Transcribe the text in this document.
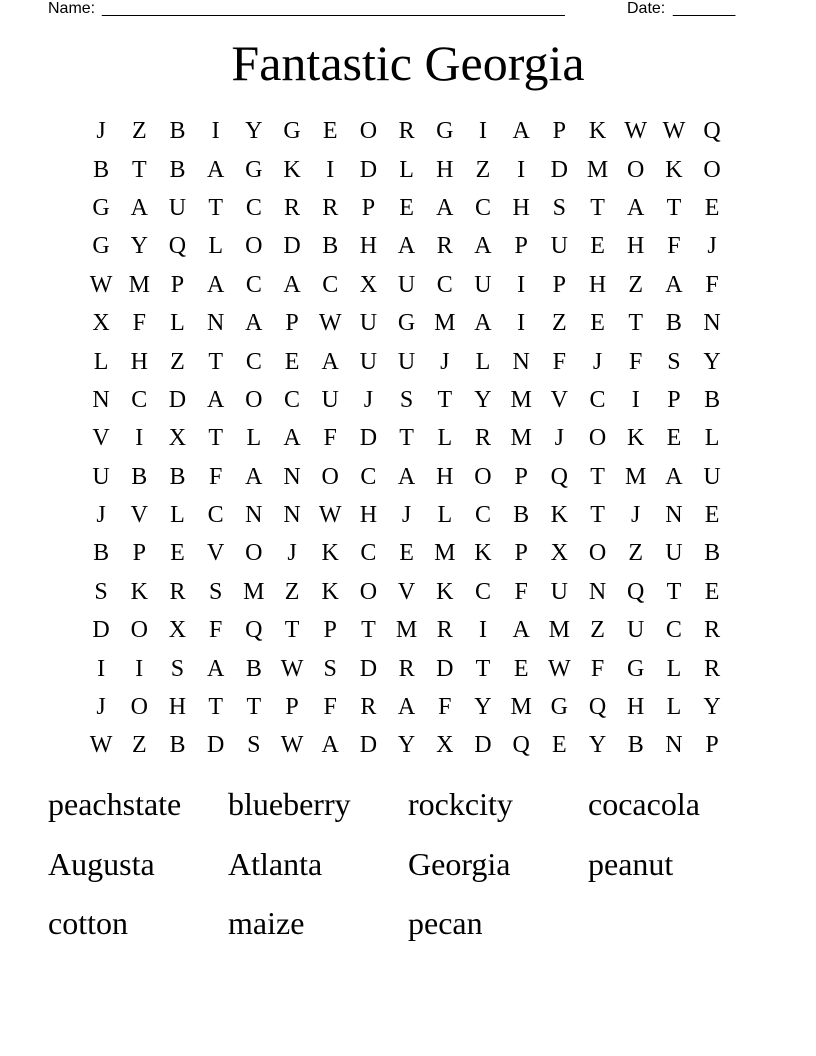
Name: ____________________________________________________	Date: _______
Fantastic Georgia
J	Z B	I	Y G E O R G	I	A P K W W Q
B T B A G K	I	D L H Z	I	D M O K O
G A U T C R R P	E A C H S	T A T E
G Y Q L O D B H A R A P U E H F	J
W M P A C A C X U C U	I	P H Z A F
X F	L N A P W U G M A	I	Z E T B N
L H Z T C E A U U	J	L N F	J	F	S Y
N C D A O C U	J	S	T Y M V C	I	P B
V	I	X T L A F D T L R M J	O K E L
U B B F A N O C A H O P Q T M A U
J	V L C N N W H	J	L C B K T	J	N E
B P	E V O	J	K C E M K P X O Z U B
S K R S M Z K O V K C F U N Q T E
D O X F Q T	P	T M R	I	A M Z U C R
I	I	S A B W S D R D T E W F G L R
J	O H T T	P	F R A F Y M G Q H L Y
W Z B D S W A D Y X D Q E Y B N P
peachstate	blueberry	rockcity	cocacola
Augusta	Atlanta	Georgia	peanut
cotton	maize	pecan
